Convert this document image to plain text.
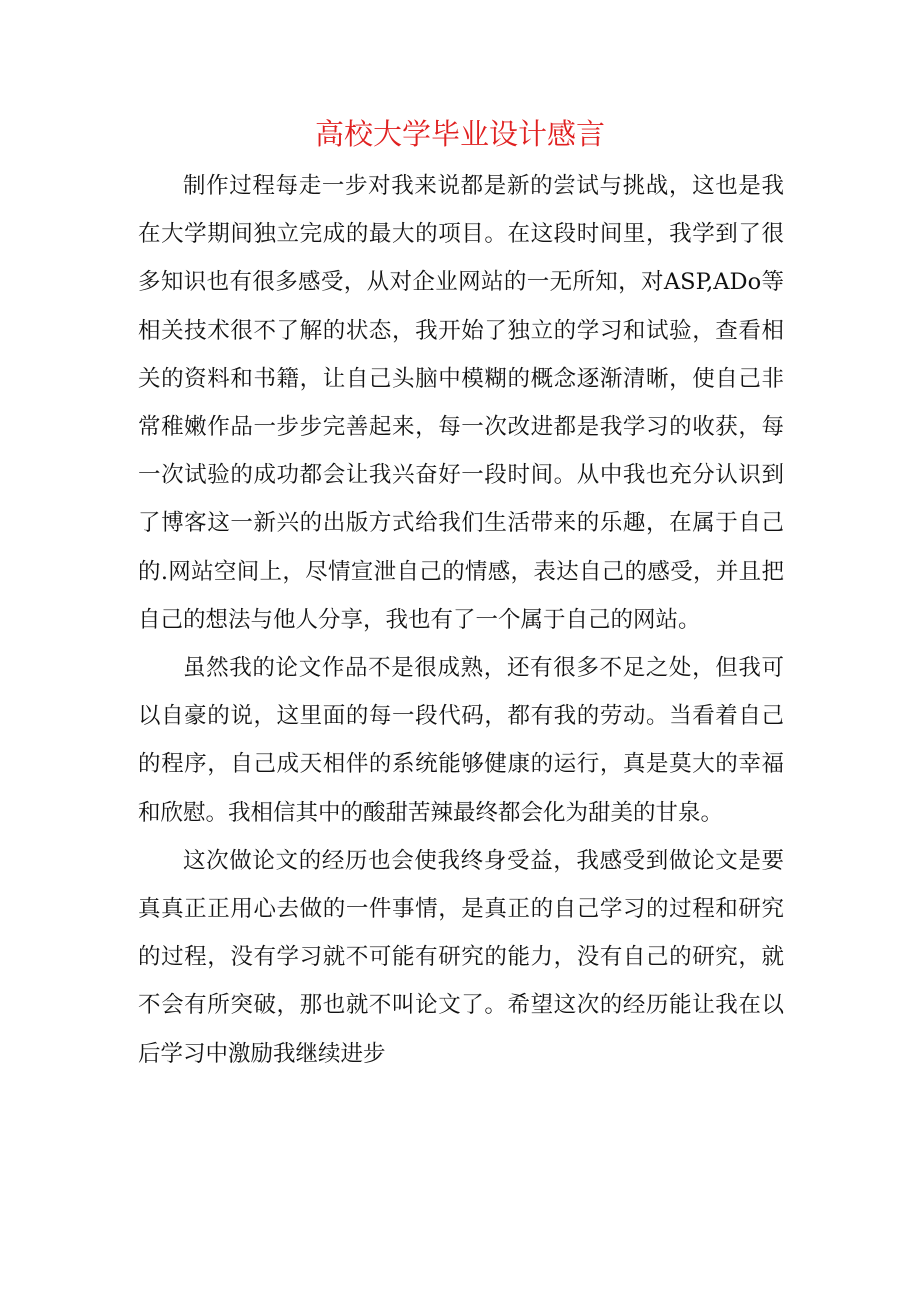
高校大学毕业设计感言

制作过程每走一步对我来说都是新的尝试与挑战，这也是我在大学期间独立完成的最大的项目。在这段时间里，我学到了很多知识也有很多感受，从对企业网站的一无所知，对ASP,ADo等相关技术很不了解的状态，我开始了独立的学习和试验，查看相关的资料和书籍，让自己头脑中模糊的概念逐渐清晰，使自己非常稚嫩作品一步步完善起来，每一次改进都是我学习的收获，每一次试验的成功都会让我兴奋好一段时间。从中我也充分认识到了博客这一新兴的出版方式给我们生活带来的乐趣，在属于自己的.网站空间上，尽情宣泄自己的情感，表达自己的感受，并且把自己的想法与他人分享，我也有了一个属于自己的网站。

虽然我的论文作品不是很成熟，还有很多不足之处，但我可以自豪的说，这里面的每一段代码，都有我的劳动。当看着自己的程序，自己成天相伴的系统能够健康的运行，真是莫大的幸福和欣慰。我相信其中的酸甜苦辣最终都会化为甜美的甘泉。

这次做论文的经历也会使我终身受益，我感受到做论文是要真真正正用心去做的一件事情，是真正的自己学习的过程和研究的过程，没有学习就不可能有研究的能力，没有自己的研究，就不会有所突破，那也就不叫论文了。希望这次的经历能让我在以后学习中激励我继续进步
